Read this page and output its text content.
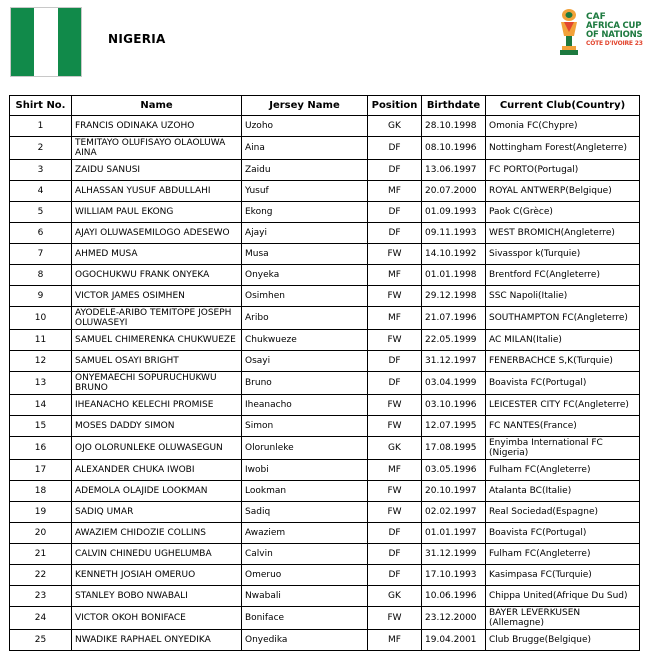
NIGERIA
CAF
AFRICA CUP
OF NATIONS
CÔTE D'IVOIRE 23
Shirt No.	Name	Jersey Name	Position	Birthdate	Current Club(Country)
1	FRANCIS ODINAKA UZOHO	Uzoho	GK	28.10.1998	Omonia FC(Chypre)
2	TEMITAYO OLUFISAYO OLAOLUWA AINA	Aina	DF	08.10.1996	Nottingham Forest(Angleterre)
3	ZAIDU SANUSI	Zaidu	DF	13.06.1997	FC PORTO(Portugal)
4	ALHASSAN YUSUF ABDULLAHI	Yusuf	MF	20.07.2000	ROYAL ANTWERP(Belgique)
5	WILLIAM PAUL EKONG	Ekong	DF	01.09.1993	Paok C(Grèce)
6	AJAYI OLUWASEMILOGO ADESEWO	Ajayi	DF	09.11.1993	WEST BROMICH(Angleterre)
7	AHMED MUSA	Musa	FW	14.10.1992	Sivasspor k(Turquie)
8	OGOCHUKWU FRANK ONYEKA	Onyeka	MF	01.01.1998	Brentford FC(Angleterre)
9	VICTOR JAMES OSIMHEN	Osimhen	FW	29.12.1998	SSC Napoli(Italie)
10	AYODELE-ARIBO TEMITOPE JOSEPH OLUWASEYI	Aribo	MF	21.07.1996	SOUTHAMPTON FC(Angleterre)
11	SAMUEL CHIMERENKA CHUKWUEZE	Chukwueze	FW	22.05.1999	AC MILAN(Italie)
12	SAMUEL OSAYI BRIGHT	Osayi	DF	31.12.1997	FENERBACHCE S,K(Turquie)
13	ONYEMAECHI SOPURUCHUKWU BRUNO	Bruno	DF	03.04.1999	Boavista FC(Portugal)
14	IHEANACHO KELECHI PROMISE	Iheanacho	FW	03.10.1996	LEICESTER CITY FC(Angleterre)
15	MOSES DADDY SIMON	Simon	FW	12.07.1995	FC NANTES(France)
16	OJO OLORUNLEKE OLUWASEGUN	Olorunleke	GK	17.08.1995	Enyimba International FC (Nigeria)
17	ALEXANDER CHUKA IWOBI	Iwobi	MF	03.05.1996	Fulham FC(Angleterre)
18	ADEMOLA OLAJIDE LOOKMAN	Lookman	FW	20.10.1997	Atalanta BC(Italie)
19	SADIQ UMAR	Sadiq	FW	02.02.1997	Real Sociedad(Espagne)
20	AWAZIEM CHIDOZIE COLLINS	Awaziem	DF	01.01.1997	Boavista FC(Portugal)
21	CALVIN CHINEDU UGHELUMBA	Calvin	DF	31.12.1999	Fulham FC(Angleterre)
22	KENNETH JOSIAH OMERUO	Omeruo	DF	17.10.1993	Kasimpasa FC(Turquie)
23	STANLEY BOBO NWABALI	Nwabali	GK	10.06.1996	Chippa United(Afrique Du Sud)
24	VICTOR OKOH BONIFACE	Boniface	FW	23.12.2000	BAYER LEVERKUSEN (Allemagne)
25	NWADIKE RAPHAEL ONYEDIKA	Onyedika	MF	19.04.2001	Club Brugge(Belgique)
